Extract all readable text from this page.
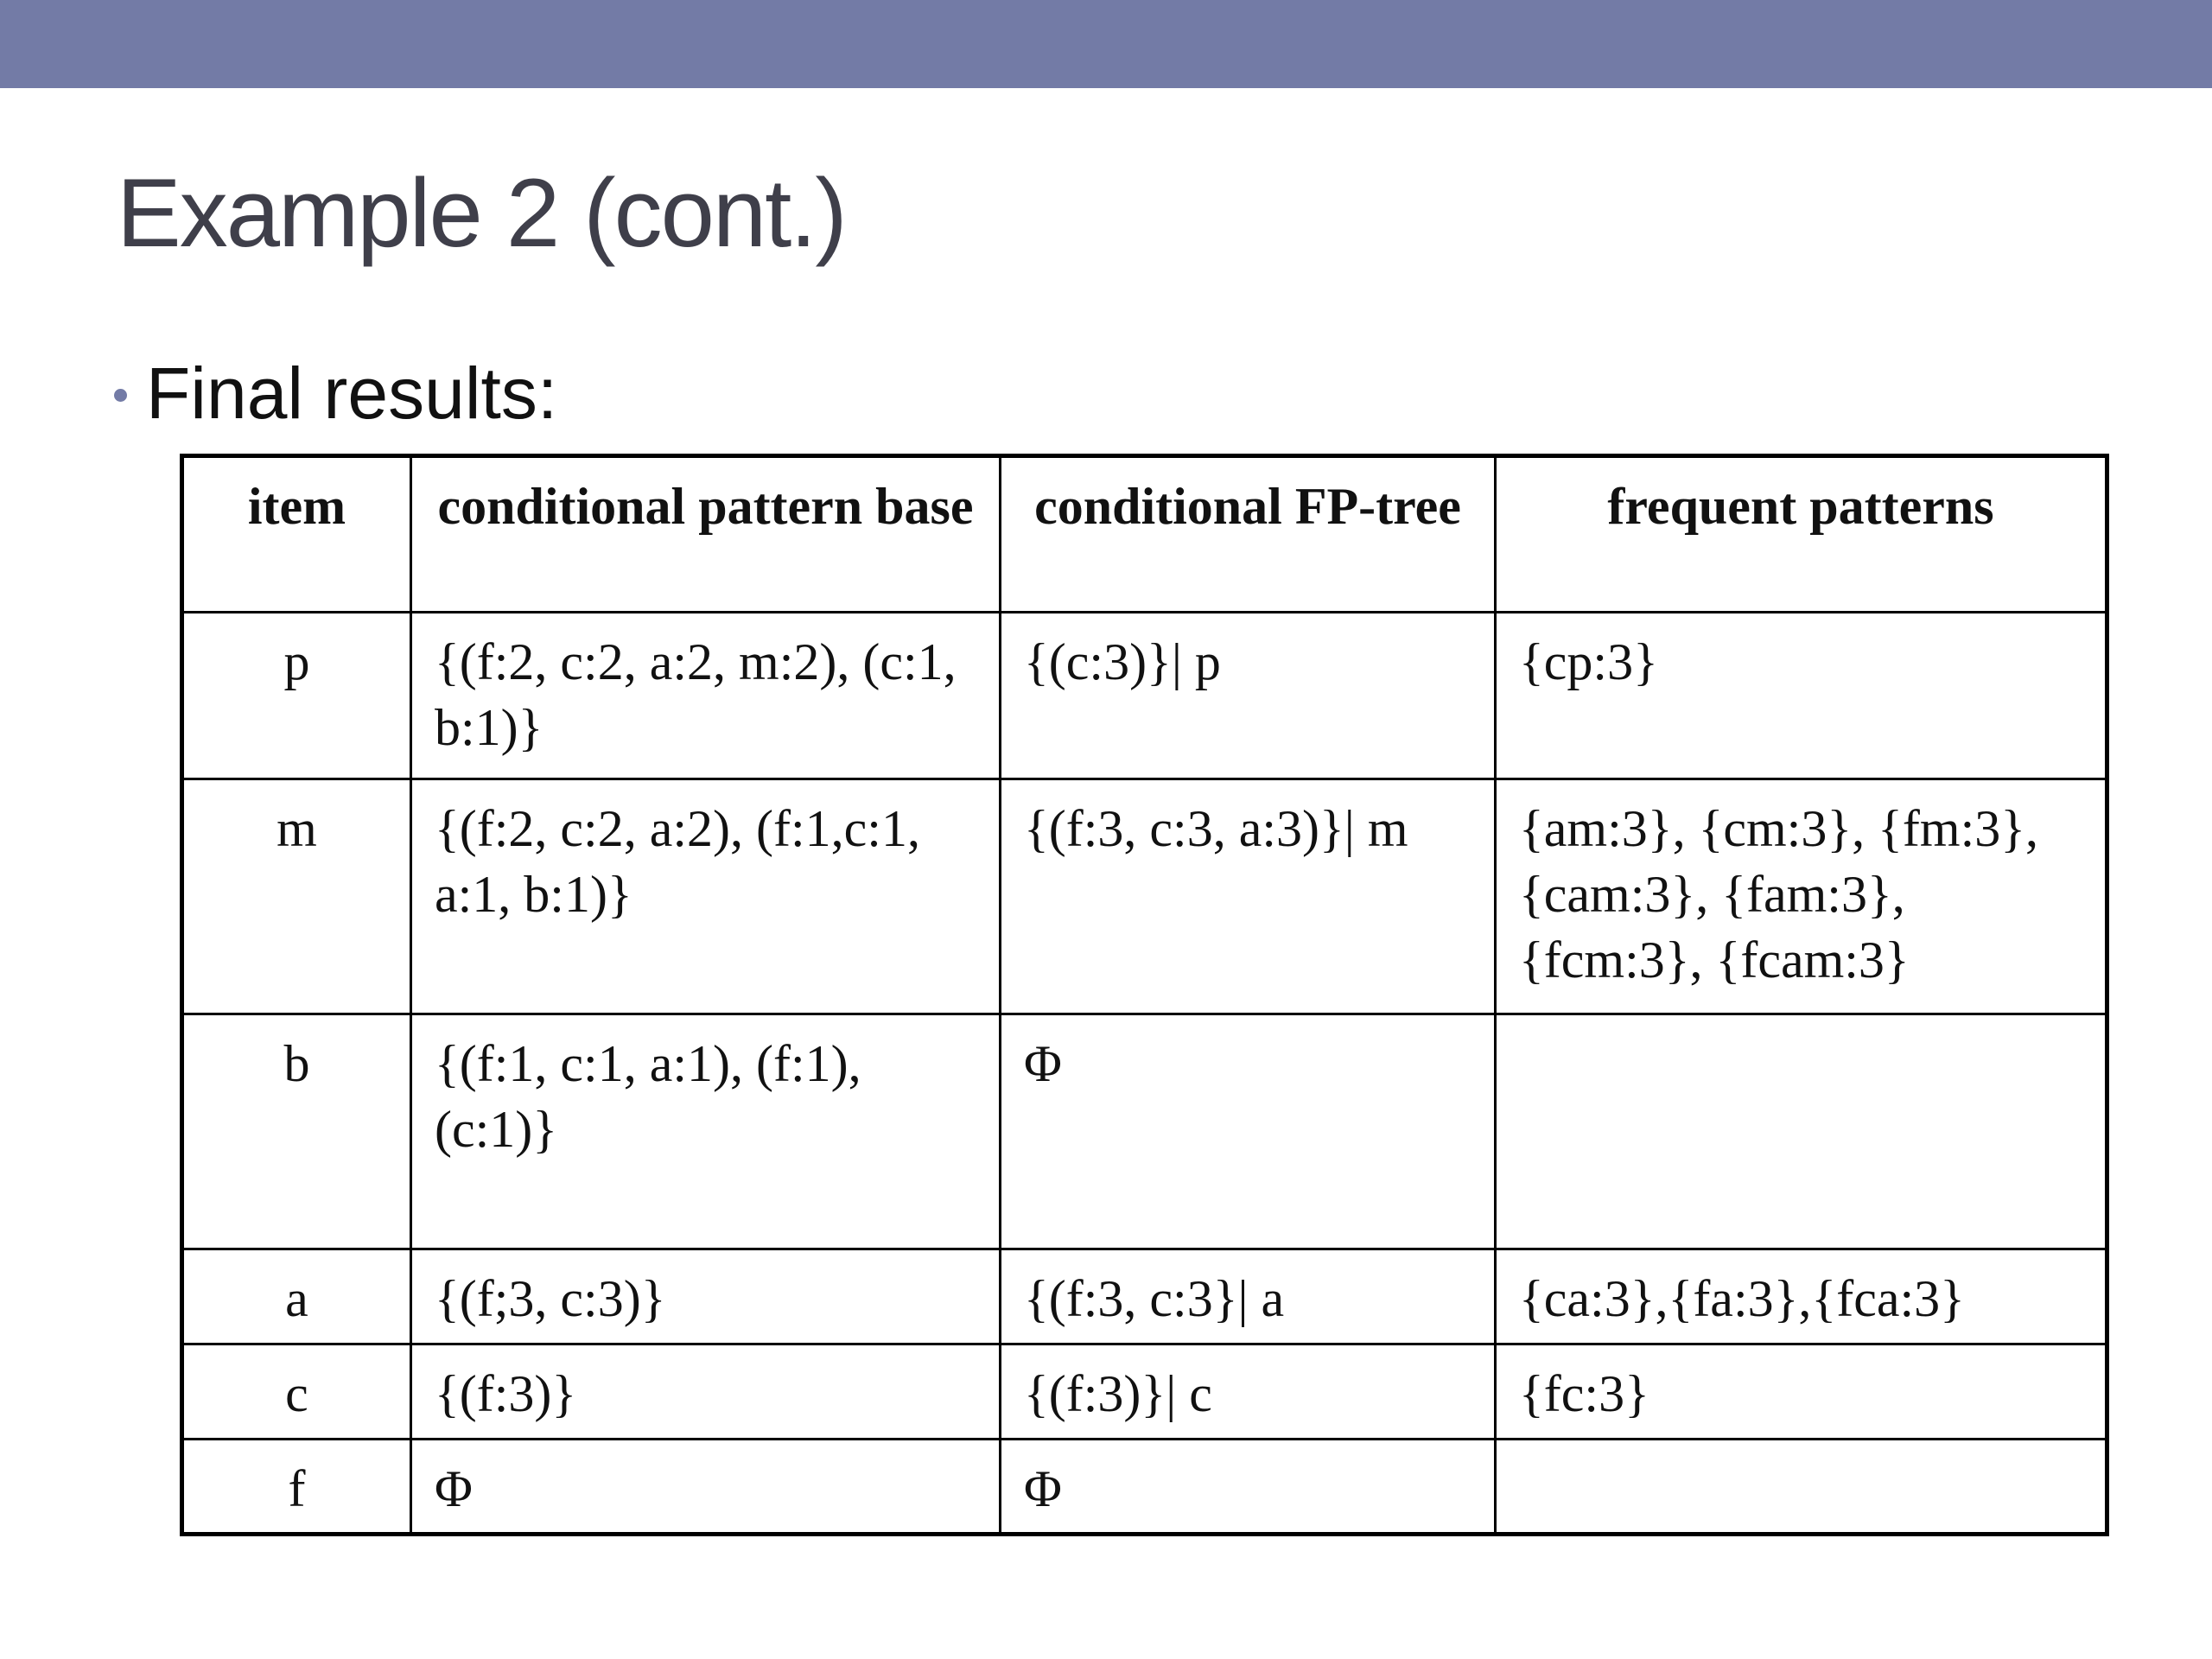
Example 2 (cont.)
Final results:
item	conditional pattern base	conditional FP-tree	frequent patterns
p	{(f:2, c:2, a:2, m:2), (c:1, b:1)}	{(c:3)}| p	{cp:3}
m	{(f:2, c:2, a:2), (f:1,c:1, a:1, b:1)}	{(f:3, c:3, a:3)}| m	{am:3}, {cm:3}, {fm:3}, {cam:3}, {fam:3}, {fcm:3}, {fcam:3}
b	{(f:1, c:1, a:1), (f:1), (c:1)}	Φ	
a	{(f;3, c:3)}	{(f:3, c:3}| a	{ca:3},{fa:3},{fca:3}
c	{(f:3)}	{(f:3)}| c	{fc:3}
f	Φ	Φ	
